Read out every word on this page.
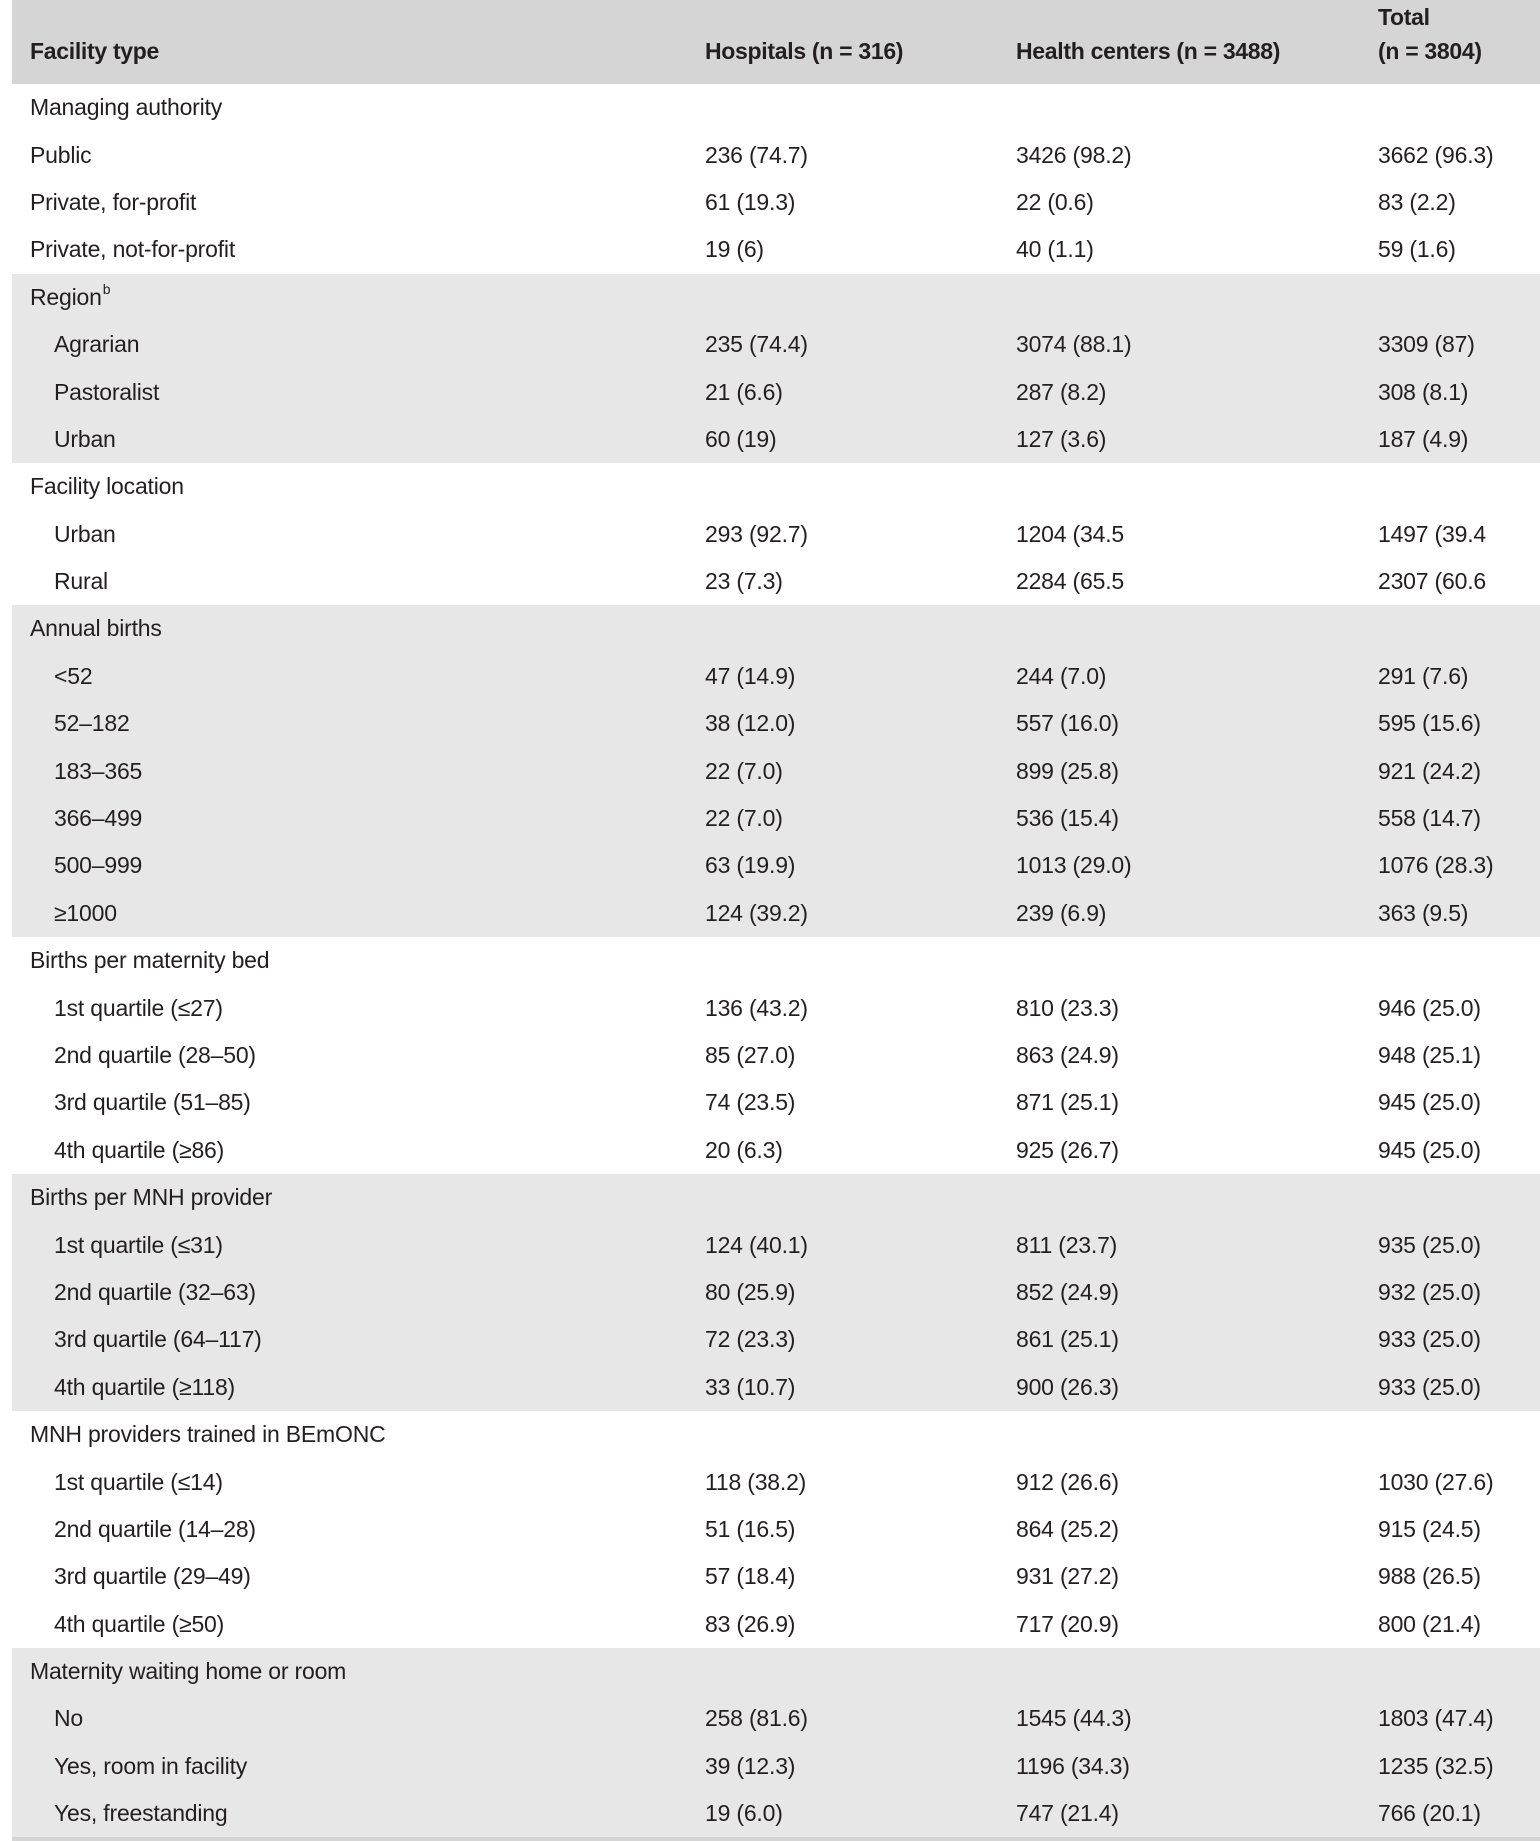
Facility type	Hospitals (n = 316)	Health centers (n = 3488)	Total
(n = 3804)
Managing authority			
Public	236 (74.7)	3426 (98.2)	3662 (96.3)
Private, for-profit	61 (19.3)	22 (0.6)	83 (2.2)
Private, not-for-profit	19 (6)	40 (1.1)	59 (1.6)
Region$^b$			
Agrarian	235 (74.4)	3074 (88.1)	3309 (87)
Pastoralist	21 (6.6)	287 (8.2)	308 (8.1)
Urban	60 (19)	127 (3.6)	187 (4.9)
Facility location			
Urban	293 (92.7)	1204 (34.5	1497 (39.4
Rural	23 (7.3)	2284 (65.5	2307 (60.6
Annual births			
<52	47 (14.9)	244 (7.0)	291 (7.6)
52–182	38 (12.0)	557 (16.0)	595 (15.6)
183–365	22 (7.0)	899 (25.8)	921 (24.2)
366–499	22 (7.0)	536 (15.4)	558 (14.7)
500–999	63 (19.9)	1013 (29.0)	1076 (28.3)
≥1000	124 (39.2)	239 (6.9)	363 (9.5)
Births per maternity bed			
1st quartile (≤27)	136 (43.2)	810 (23.3)	946 (25.0)
2nd quartile (28–50)	85 (27.0)	863 (24.9)	948 (25.1)
3rd quartile (51–85)	74 (23.5)	871 (25.1)	945 (25.0)
4th quartile (≥86)	20 (6.3)	925 (26.7)	945 (25.0)
Births per MNH provider			
1st quartile (≤31)	124 (40.1)	811 (23.7)	935 (25.0)
2nd quartile (32–63)	80 (25.9)	852 (24.9)	932 (25.0)
3rd quartile (64–117)	72 (23.3)	861 (25.1)	933 (25.0)
4th quartile (≥118)	33 (10.7)	900 (26.3)	933 (25.0)
MNH providers trained in BEmONC			
1st quartile (≤14)	118 (38.2)	912 (26.6)	1030 (27.6)
2nd quartile (14–28)	51 (16.5)	864 (25.2)	915 (24.5)
3rd quartile (29–49)	57 (18.4)	931 (27.2)	988 (26.5)
4th quartile (≥50)	83 (26.9)	717 (20.9)	800 (21.4)
Maternity waiting home or room			
No	258 (81.6)	1545 (44.3)	1803 (47.4)
Yes, room in facility	39 (12.3)	1196 (34.3)	1235 (32.5)
Yes, freestanding	19 (6.0)	747 (21.4)	766 (20.1)
